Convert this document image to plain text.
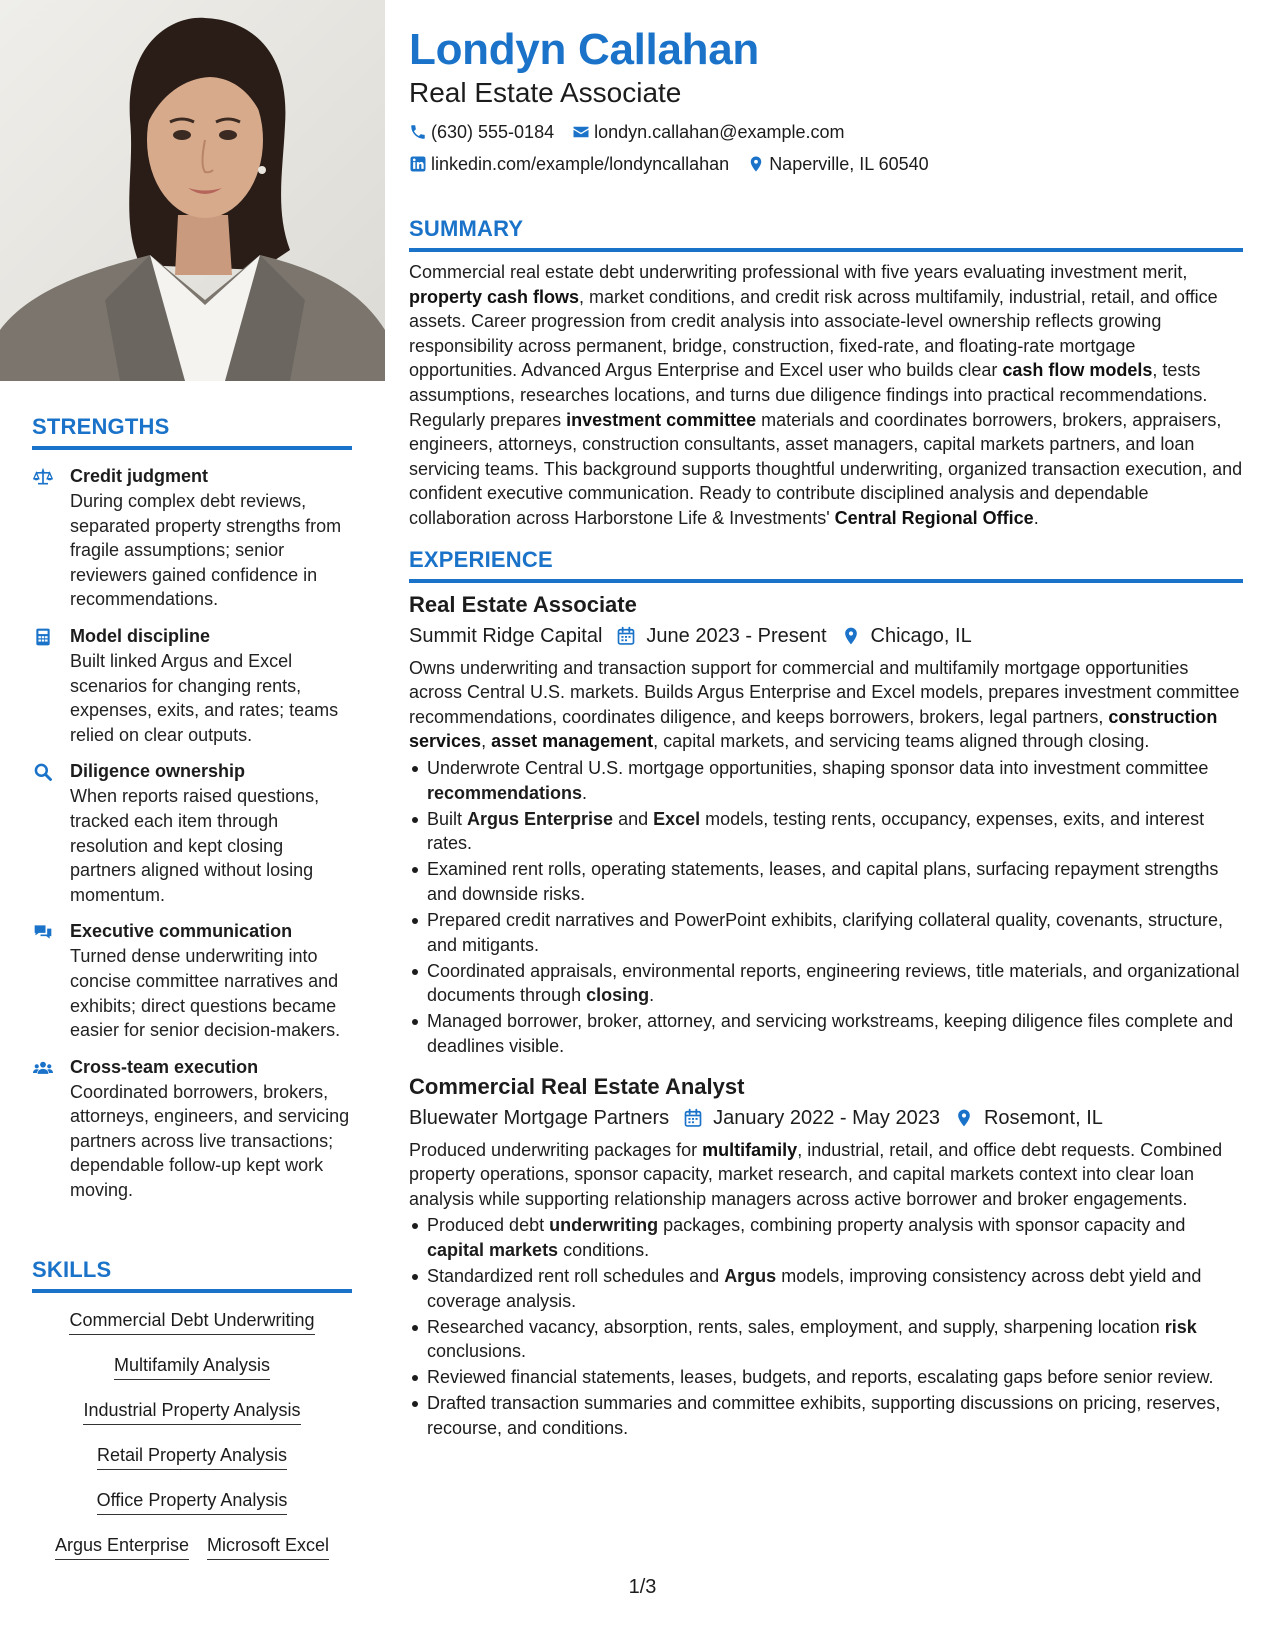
STRENGTHS
Credit judgment
During complex debt reviews, separated property strengths from fragile assumptions; senior reviewers gained confidence in recommendations.
Model discipline
Built linked Argus and Excel scenarios for changing rents, expenses, exits, and rates; teams relied on clear outputs.
Diligence ownership
When reports raised questions, tracked each item through resolution and kept closing partners aligned without losing momentum.
Executive communication
Turned dense underwriting into concise committee narratives and exhibits; direct questions became easier for senior decision-makers.
Cross-team execution
Coordinated borrowers, brokers, attorneys, engineers, and servicing partners across live transactions; dependable follow-up kept work moving.
SKILLS
Commercial Debt Underwriting
Multifamily Analysis
Industrial Property Analysis
Retail Property Analysis
Office Property Analysis
Argus Enterprise Microsoft Excel
Londyn Callahan
Real Estate Associate
(630) 555-0184 londyn.callahan@example.com
linkedin.com/example/londyncallahan Naperville, IL 60540
SUMMARY

Commercial real estate debt underwriting professional with five years evaluating investment merit, property cash flows, market conditions, and credit risk across multifamily, industrial, retail, and office assets. Career progression from credit analysis into associate-level ownership reflects growing responsibility across permanent, bridge, construction, fixed-rate, and floating-rate mortgage opportunities. Advanced Argus Enterprise and Excel user who builds clear cash flow models, tests assumptions, researches locations, and turns due diligence findings into practical recommendations. Regularly prepares investment committee materials and coordinates borrowers, brokers, appraisers, engineers, attorneys, construction consultants, asset managers, capital markets partners, and loan servicing teams. This background supports thoughtful underwriting, organized transaction execution, and confident executive communication. Ready to contribute disciplined analysis and dependable collaboration across Harborstone Life & Investments' Central Regional Office.

EXPERIENCE
Real Estate Associate
Summit Ridge Capital June 2023 - Present Chicago, IL

Owns underwriting and transaction support for commercial and multifamily mortgage opportunities across Central U.S. markets. Builds Argus Enterprise and Excel models, prepares investment committee recommendations, coordinates diligence, and keeps borrowers, brokers, legal partners, construction services, asset management, capital markets, and servicing teams aligned through closing.

Underwrote Central U.S. mortgage opportunities, shaping sponsor data into investment committee recommendations.
Built Argus Enterprise and Excel models, testing rents, occupancy, expenses, exits, and interest rates.
Examined rent rolls, operating statements, leases, and capital plans, surfacing repayment strengths and downside risks.
Prepared credit narratives and PowerPoint exhibits, clarifying collateral quality, covenants, structure, and mitigants.
Coordinated appraisals, environmental reports, engineering reviews, title materials, and organizational documents through closing.
Managed borrower, broker, attorney, and servicing workstreams, keeping diligence files complete and deadlines visible.
Commercial Real Estate Analyst
Bluewater Mortgage Partners January 2022 - May 2023 Rosemont, IL

Produced underwriting packages for multifamily, industrial, retail, and office debt requests. Combined property operations, sponsor capacity, market research, and capital markets context into clear loan analysis while supporting relationship managers across active borrower and broker engagements.

Produced debt underwriting packages, combining property analysis with sponsor capacity and capital markets conditions.
Standardized rent roll schedules and Argus models, improving consistency across debt yield and coverage analysis.
Researched vacancy, absorption, rents, sales, employment, and supply, sharpening location risk conclusions.
Reviewed financial statements, leases, budgets, and reports, escalating gaps before senior review.
Drafted transaction summaries and committee exhibits, supporting discussions on pricing, reserves, recourse, and conditions.
1/3
